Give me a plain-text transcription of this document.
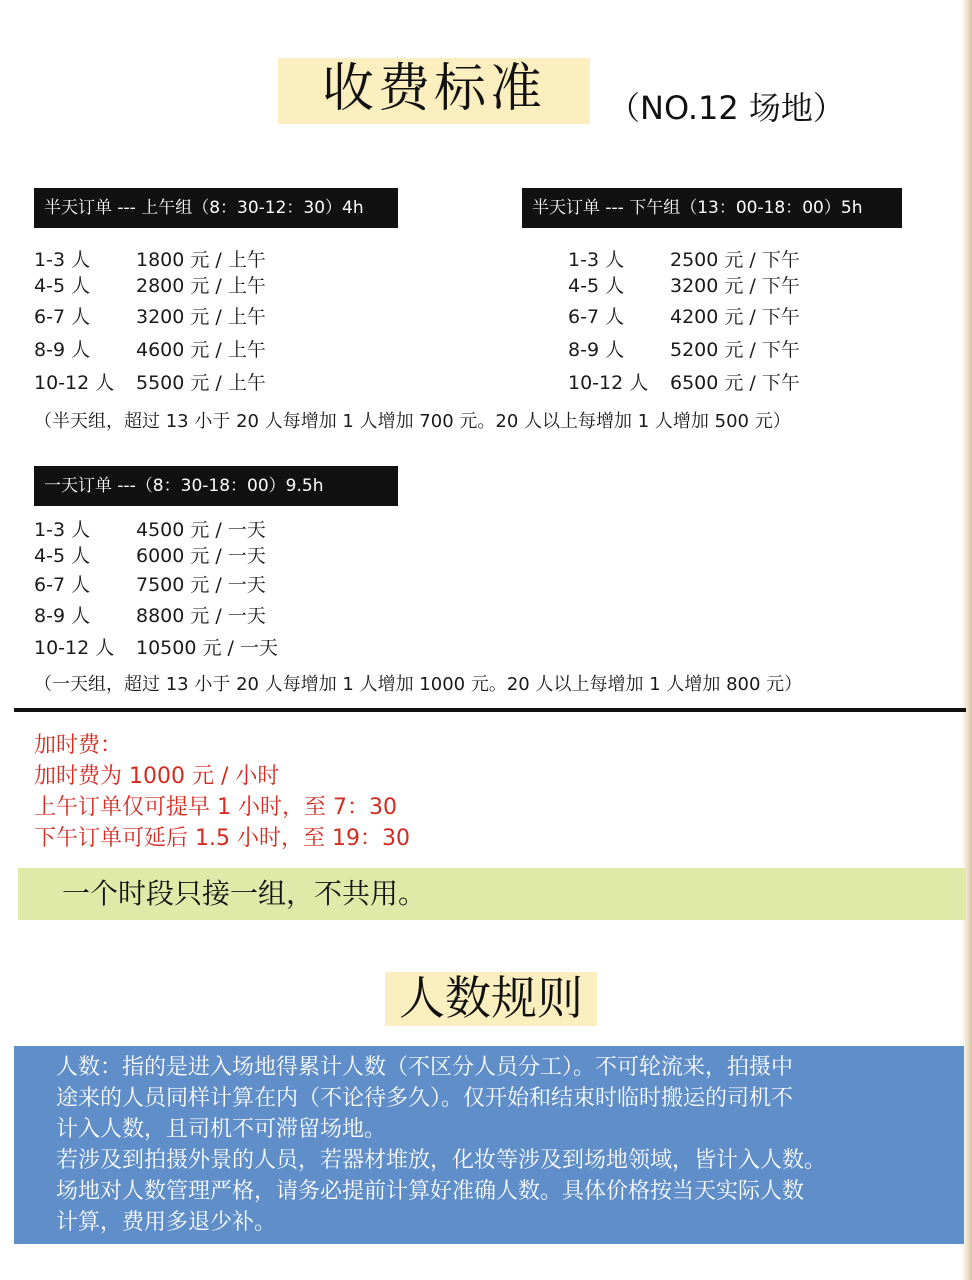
收费标准	（NO.12 场地）
半天订单 --- 上午组（8：30-12：30）4h	半天订单 --- 下午组（13：00-18：00）5h
1-3 人 1800 元 / 上午
4-5 人 2800 元 / 上午
6-7 人 3200 元 / 上午
8-9 人 4600 元 / 上午
10-12 人 5500 元 / 上午
1-3 人 2500 元 / 下午
4-5 人 3200 元 / 下午
6-7 人 4200 元 / 下午
8-9 人 5200 元 / 下午
10-12 人 6500 元 / 下午
（半天组，超过 13 小于 20 人每增加 1 人增加 700 元。20 人以上每增加 1 人增加 500 元）
一天订单 ---（8：30-18：00）9.5h
1-3 人 4500 元 / 一天
4-5 人 6000 元 / 一天
6-7 人 7500 元 / 一天
8-9 人 8800 元 / 一天
10-12 人 10500 元 / 一天
（一天组，超过 13 小于 20 人每增加 1 人增加 1000 元。20 人以上每增加 1 人增加 800 元）
加时费：
加时费为 1000 元 / 小时
上午订单仅可提早 1 小时，至 7：30
下午订单可延后 1.5 小时，至 19：30
一个时段只接一组，不共用。
人数规则
人数：指的是进入场地得累计人数（不区分人员分工）。不可轮流来，拍摄中
途来的人员同样计算在内（不论待多久）。仅开始和结束时临时搬运的司机不
计入人数，且司机不可滞留场地。
若涉及到拍摄外景的人员，若器材堆放，化妆等涉及到场地领域，皆计入人数。
场地对人数管理严格，请务必提前计算好准确人数。具体价格按当天实际人数
计算，费用多退少补。
